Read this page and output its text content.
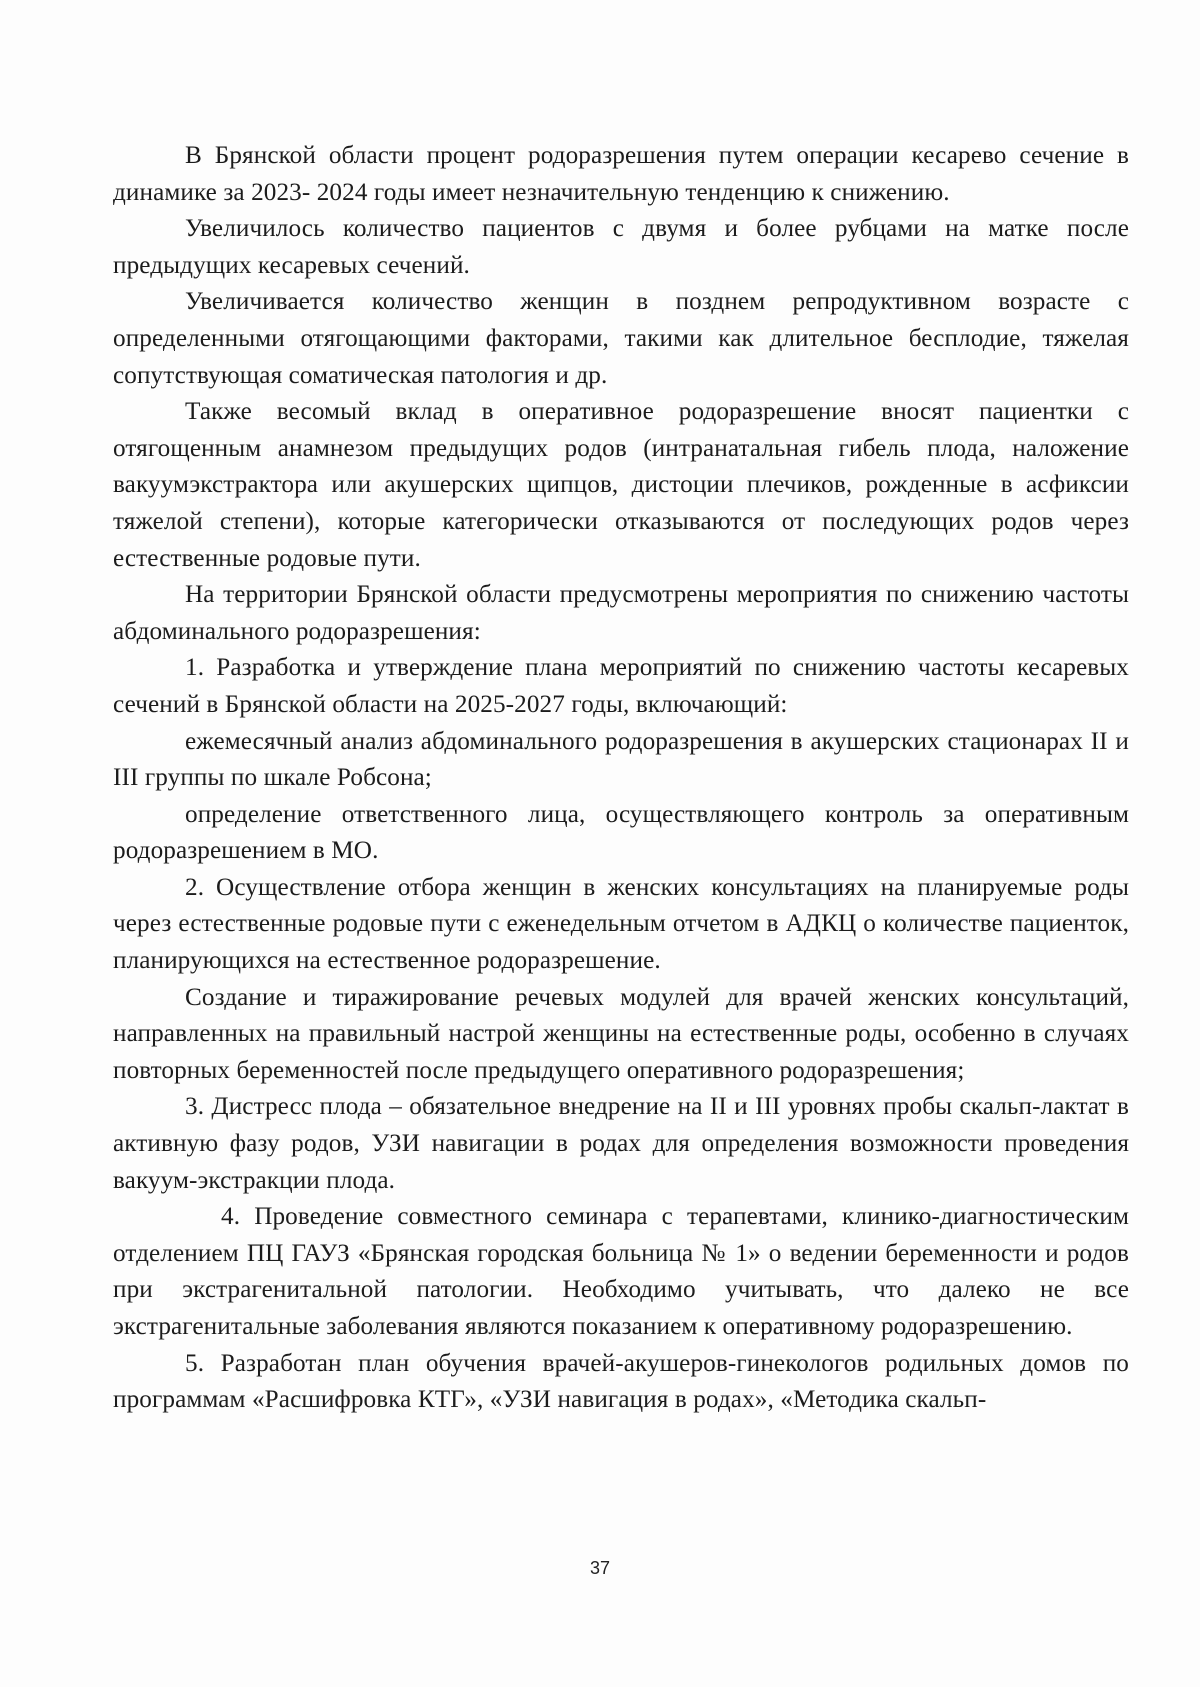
В Брянской области процент родоразрешения путем операции кесарево сечение в динамике за 2023- 2024 годы имеет незначительную тенденцию к снижению.

Увеличилось количество пациентов с двумя и более рубцами на матке после предыдущих кесаревых сечений.

Увеличивается количество женщин в позднем репродуктивном возрасте с определенными отягощающими факторами, такими как длительное бесплодие, тяжелая сопутствующая соматическая патология и др.

Также весомый вклад в оперативное родоразрешение вносят пациентки с отягощенным анамнезом предыдущих родов (интранатальная гибель плода, наложение вакуумэкстрактора или акушерских щипцов, дистоции плечиков, рожденные в асфиксии тяжелой степени), которые категорически отказываются от последующих родов через естественные родовые пути.

На территории Брянской области предусмотрены мероприятия по снижению частоты абдоминального родоразрешения:

1. Разработка и утверждение плана мероприятий по снижению частоты кесаревых сечений в Брянской области на 2025-2027 годы, включающий:

ежемесячный анализ абдоминального родоразрешения в акушерских стационарах II и III группы по шкале Робсона;

определение ответственного лица, осуществляющего контроль за оперативным родоразрешением в МО.

2. Осуществление отбора женщин в женских консультациях на планируемые роды через естественные родовые пути с еженедельным отчетом в АДКЦ о количестве пациенток, планирующихся на естественное родоразрешение.

Создание и тиражирование речевых модулей для врачей женских консультаций, направленных на правильный настрой женщины на естественные роды, особенно в случаях повторных беременностей после предыдущего оперативного родоразрешения;

3. Дистресс плода – обязательное внедрение на II и III уровнях пробы скальп-лактат в активную фазу родов, УЗИ навигации в родах для определения возможности проведения вакуум-экстракции плода.

4. Проведение совместного семинара с терапевтами, клинико-диагностическим отделением ПЦ ГАУЗ «Брянская городская больница № 1» о ведении беременности и родов при экстрагенитальной патологии. Необходимо учитывать, что далеко не все экстрагенитальные заболевания являются показанием к оперативному родоразрешению.

5. Разработан план обучения врачей-акушеров-гинекологов родильных домов по программам «Расшифровка КТГ», «УЗИ навигация в родах», «Методика скальп-

37
